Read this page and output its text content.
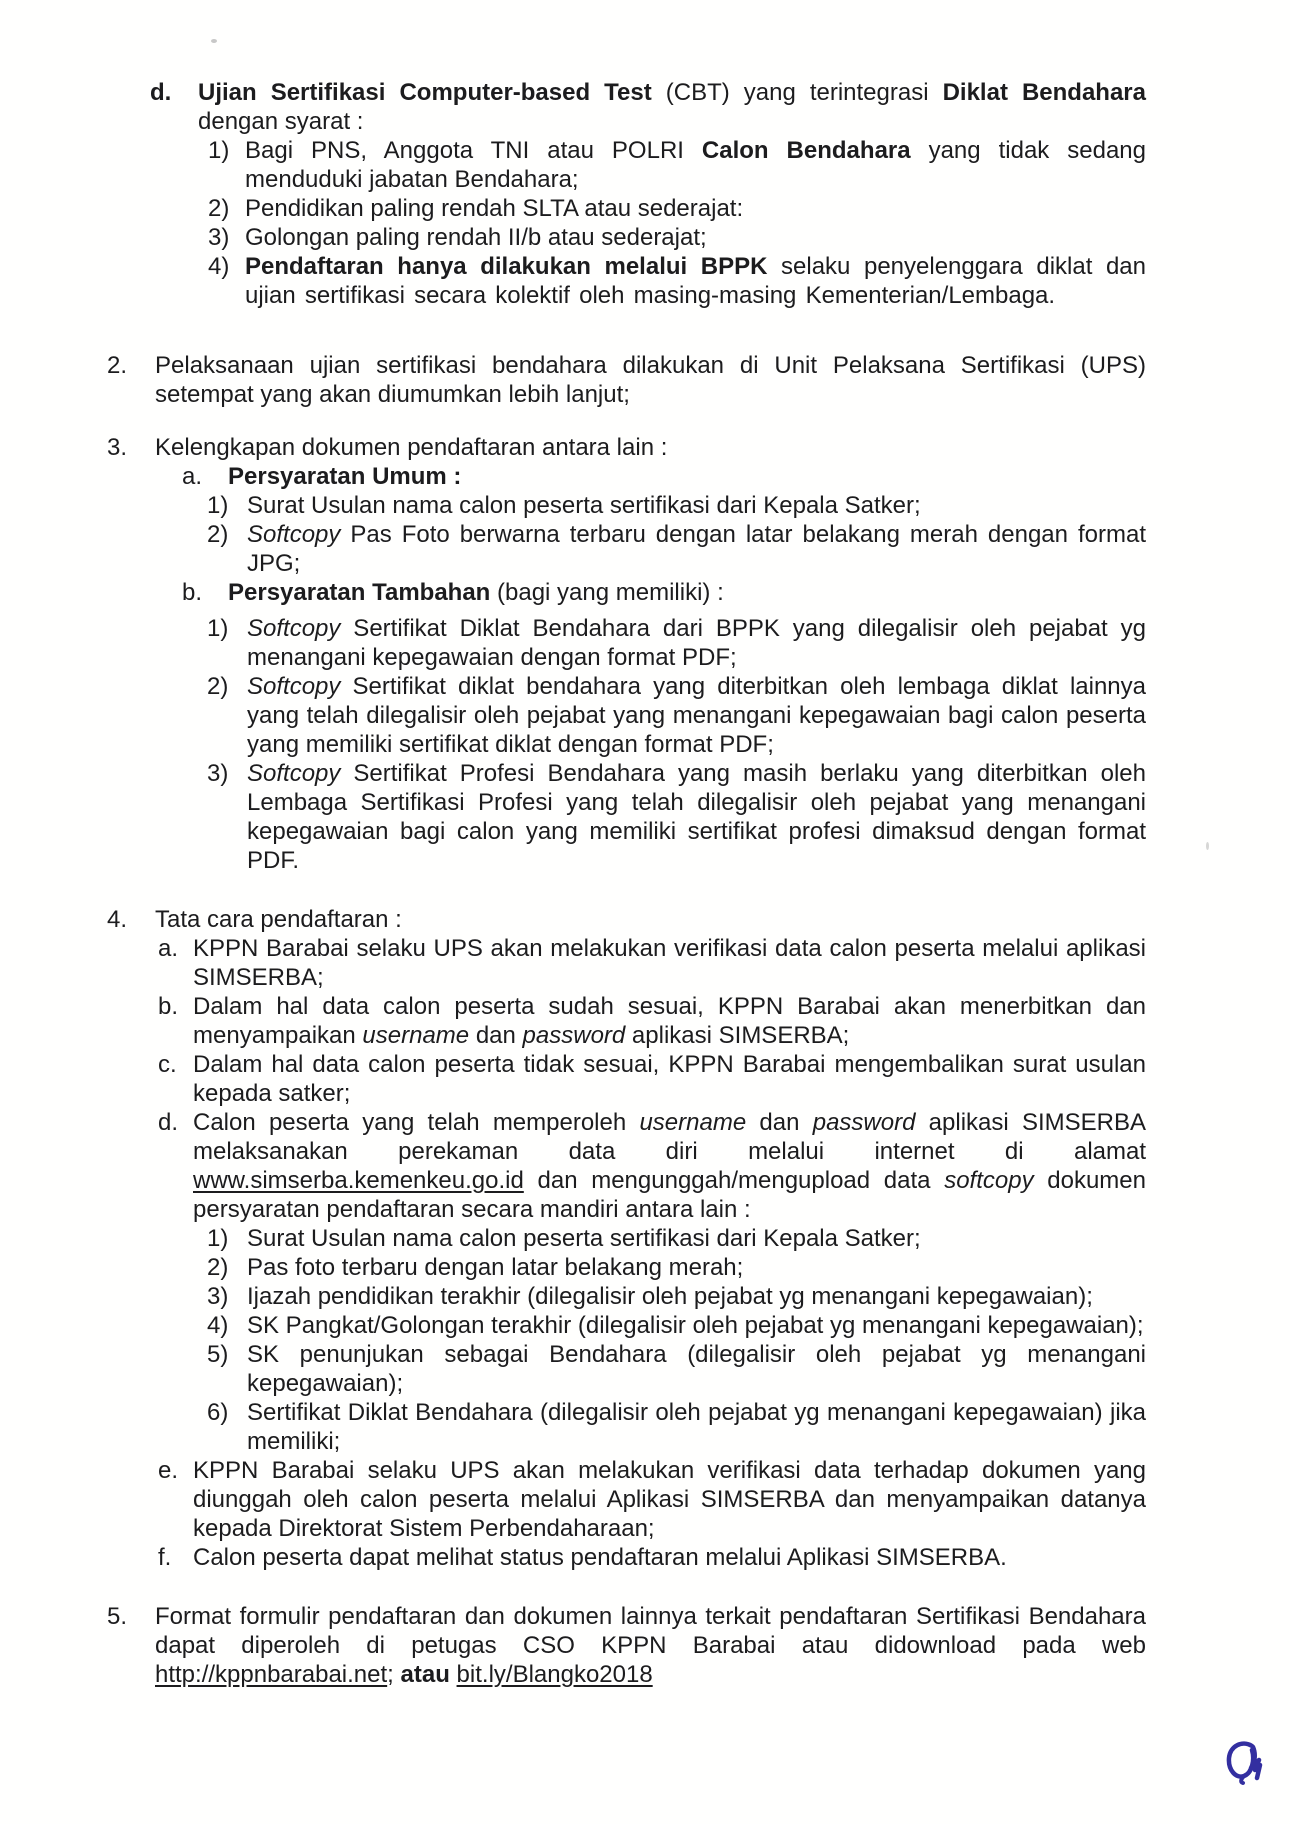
d.	Ujian Sertifikasi Computer-based Test (CBT) yang terintegrasi Diklat Bendahara dengan syarat :
1) Bagi PNS, Anggota TNI atau POLRI Calon Bendahara yang tidak sedang menduduki jabatan Bendahara;
2) Pendidikan paling rendah SLTA atau sederajat:
3) Golongan paling rendah II/b atau sederajat;
4) Pendaftaran hanya dilakukan melalui BPPK selaku penyelenggara diklat dan ujian sertifikasi secara kolektif oleh masing-masing Kementerian/Lembaga.
2.	Pelaksanaan ujian sertifikasi bendahara dilakukan di Unit Pelaksana Sertifikasi (UPS) setempat yang akan diumumkan lebih lanjut;
3.	Kelengkapan dokumen pendaftaran antara lain :
a.	Persyaratan Umum :
1) Surat Usulan nama calon peserta sertifikasi dari Kepala Satker;
2) Softcopy Pas Foto berwarna terbaru dengan latar belakang merah dengan format JPG;
b.	Persyaratan Tambahan (bagi yang memiliki) :
1) Softcopy Sertifikat Diklat Bendahara dari BPPK yang dilegalisir oleh pejabat yg menangani kepegawaian dengan format PDF;
2) Softcopy Sertifikat diklat bendahara yang diterbitkan oleh lembaga diklat lainnya yang telah dilegalisir oleh pejabat yang menangani kepegawaian bagi calon peserta yang memiliki sertifikat diklat dengan format PDF;
3) Softcopy Sertifikat Profesi Bendahara yang masih berlaku yang diterbitkan oleh Lembaga Sertifikasi Profesi yang telah dilegalisir oleh pejabat yang menangani kepegawaian bagi calon yang memiliki sertifikat profesi dimaksud dengan format PDF.
4.	Tata cara pendaftaran :
a. KPPN Barabai selaku UPS akan melakukan verifikasi data calon peserta melalui aplikasi SIMSERBA;
b. Dalam hal data calon peserta sudah sesuai, KPPN Barabai akan menerbitkan dan menyampaikan username dan password aplikasi SIMSERBA;
c. Dalam hal data calon peserta tidak sesuai, KPPN Barabai mengembalikan surat usulan kepada satker;
d. Calon peserta yang telah memperoleh username dan password aplikasi SIMSERBA melaksanakan perekaman data diri melalui internet di alamat www.simserba.kemenkeu.go.id dan mengunggah/mengupload data softcopy dokumen persyaratan pendaftaran secara mandiri antara lain :
1) Surat Usulan nama calon peserta sertifikasi dari Kepala Satker;
2) Pas foto terbaru dengan latar belakang merah;
3) Ijazah pendidikan terakhir (dilegalisir oleh pejabat yg menangani kepegawaian);
4) SK Pangkat/Golongan terakhir (dilegalisir oleh pejabat yg menangani kepegawaian);
5) SK penunjukan sebagai Bendahara (dilegalisir oleh pejabat yg menangani kepegawaian);
6) Sertifikat Diklat Bendahara (dilegalisir oleh pejabat yg menangani kepegawaian) jika memiliki;
e. KPPN Barabai selaku UPS akan melakukan verifikasi data terhadap dokumen yang diunggah oleh calon peserta melalui Aplikasi SIMSERBA dan menyampaikan datanya kepada Direktorat Sistem Perbendaharaan;
f. Calon peserta dapat melihat status pendaftaran melalui Aplikasi SIMSERBA.
5.	Format formulir pendaftaran dan dokumen lainnya terkait pendaftaran Sertifikasi Bendahara dapat diperoleh di petugas CSO KPPN Barabai atau didownload pada web http://kppnbarabai.net; atau bit.ly/Blangko2018
